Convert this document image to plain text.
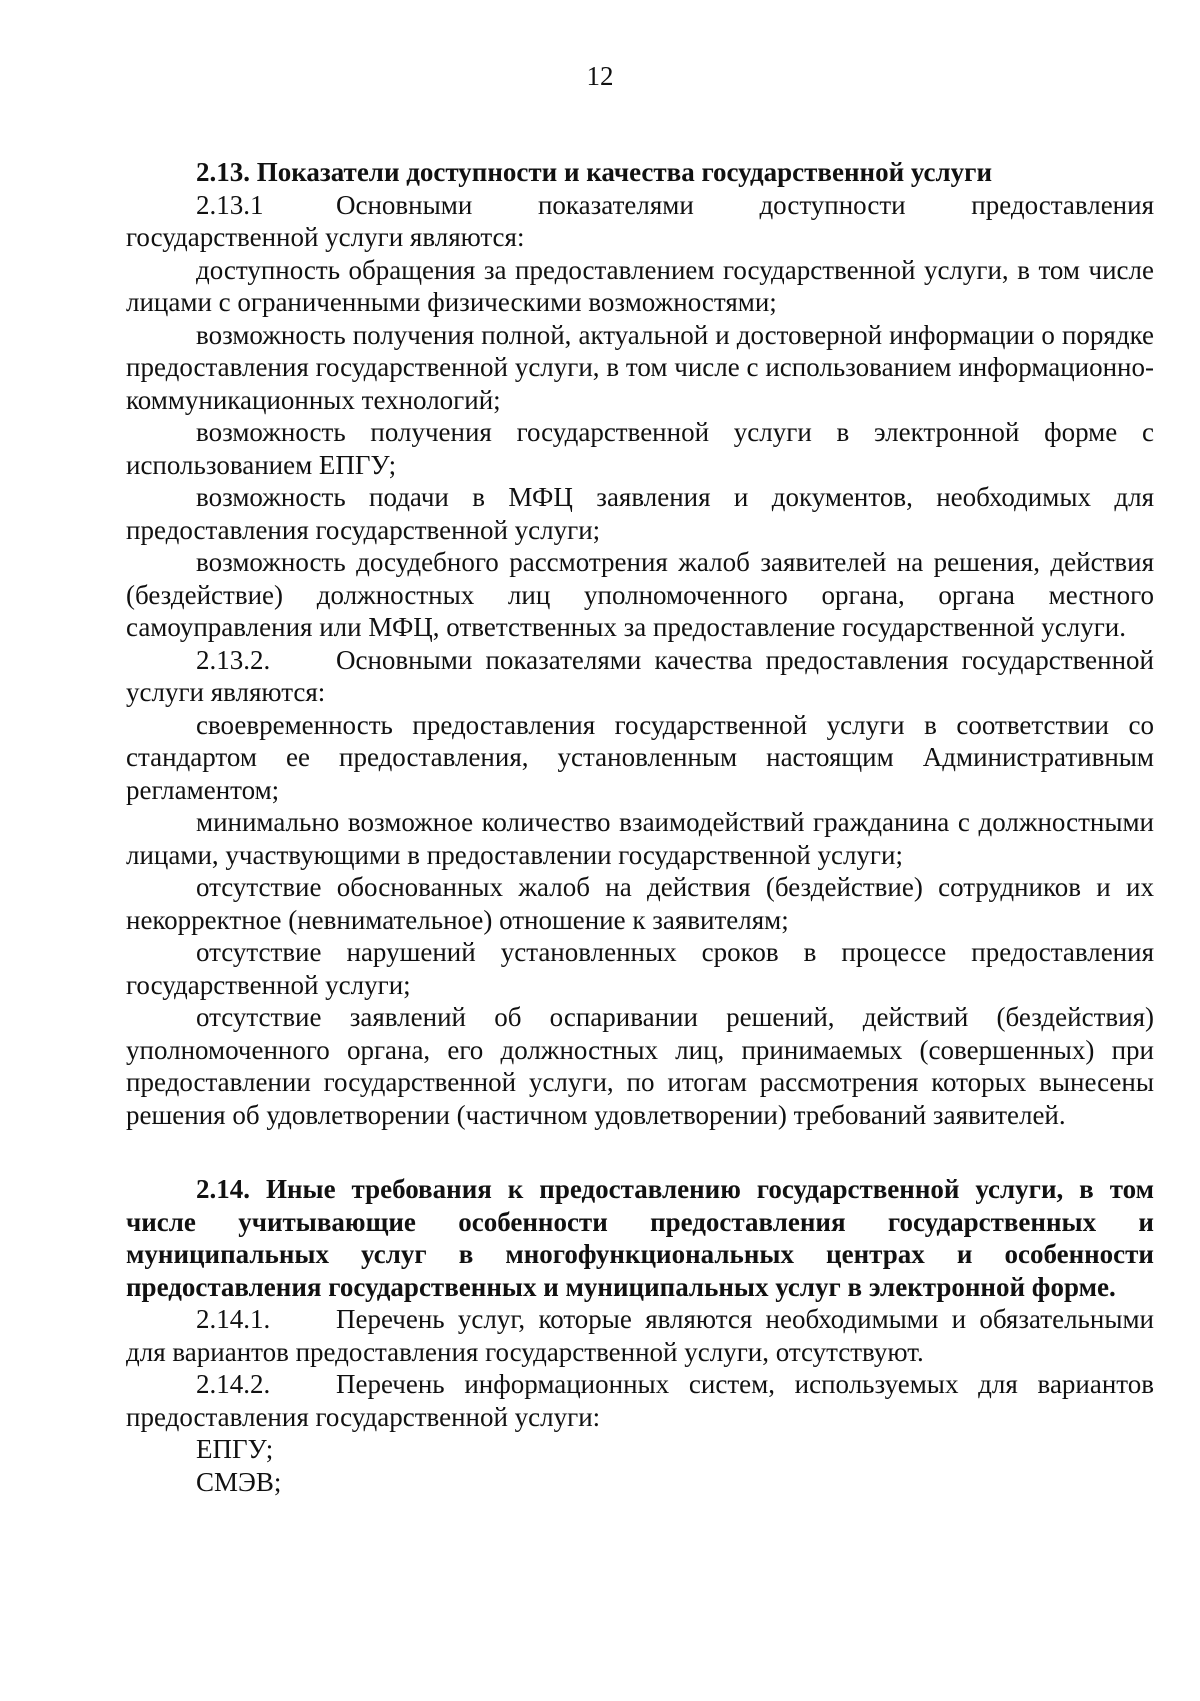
12

2.13. Показатели доступности и качества государственной услуги

2.13.1	Основными показателями доступности предоставления государственной услуги являются:

доступность обращения за предоставлением государственной услуги, в том числе лицами с ограниченными физическими возможностями;

возможность получения полной, актуальной и достоверной информации о порядке предоставления государственной услуги, в том числе с использованием информационно-коммуникационных технологий;

возможность получения государственной услуги в электронной форме с использованием ЕПГУ;

возможность подачи в МФЦ заявления и документов, необходимых для предоставления государственной услуги;

возможность досудебного рассмотрения жалоб заявителей на решения, действия (бездействие) должностных лиц уполномоченного органа, органа местного самоуправления или МФЦ, ответственных за предоставление государственной услуги.

2.13.2. Основными показателями качества предоставления государственной услуги являются:

своевременность предоставления государственной услуги в соответствии со стандартом ее предоставления, установленным настоящим Административным регламентом;

минимально возможное количество взаимодействий гражданина с должностными лицами, участвующими в предоставлении государственной услуги;

отсутствие обоснованных жалоб на действия (бездействие) сотрудников и их некорректное (невнимательное) отношение к заявителям;

отсутствие нарушений установленных сроков в процессе предоставления государственной услуги;

отсутствие заявлений об оспаривании решений, действий (бездействия) уполномоченного органа, его должностных лиц, принимаемых (совершенных) при предоставлении государственной услуги, по итогам рассмотрения которых вынесены решения об удовлетворении (частичном удовлетворении) требований заявителей.

2.14. Иные требования к предоставлению государственной услуги, в том числе учитывающие особенности предоставления государственных и муниципальных услуг в многофункциональных центрах и особенности предоставления государственных и муниципальных услуг в электронной форме.

2.14.1. Перечень услуг, которые являются необходимыми и обязательными для вариантов предоставления государственной услуги, отсутствуют.

2.14.2. Перечень информационных систем, используемых для вариантов предоставления государственной услуги:

ЕПГУ;

СМЭВ;
